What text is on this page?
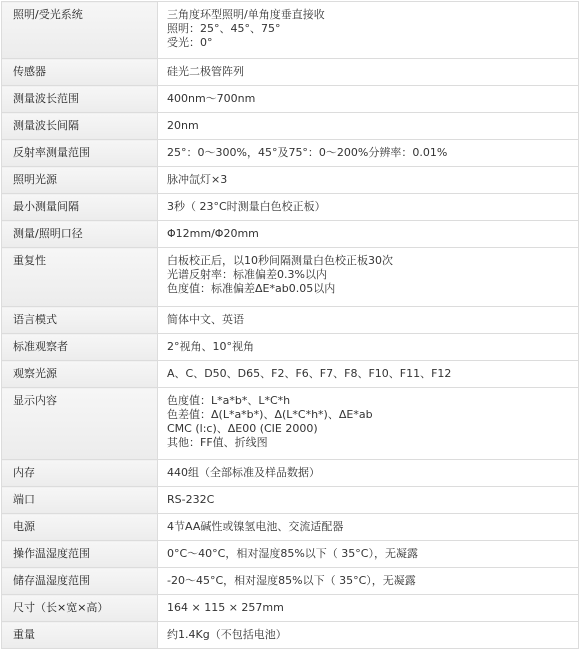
照明/受光系统	三角度环型照明/单角度垂直接收
照明：25°、45°、75°
受光：0°

传感器	硅光二极管阵列

测量波长范围	400nm～700nm

测量波长间隔	20nm

反射率测量范围	25°：0～300%，45°及75°：0～200%分辨率：0.01%

照明光源	脉冲氙灯×3

最小测量间隔	3秒（ 23°C时测量白色校正板）

测量/照明口径	Φ12mm/Φ20mm

重复性	白板校正后，以10秒间隔测量白色校正板30次
光谱反射率：标准偏差0.3%以内
色度值：标准偏差ΔE*ab0.05以内

语言模式	简体中文、英语

标准观察者	2°视角、10°视角

观察光源	A、C、D50、D65、F2、F6、F7、F8、F10、F11、F12

显示内容	色度值：L*a*b*、L*C*h
色差值：Δ(L*a*b*)、Δ(L*C*h*)、ΔE*ab
CMC (l:c)、ΔE00 (CIE 2000)
其他：FF值、折线图

内存	440组（全部标准及样品数据）

端口	RS-232C

电源	4节AA碱性或镍氢电池、交流适配器

操作温湿度范围	0°C～40°C，相对湿度85%以下（ 35°C），无凝露

储存温湿度范围	-20～45°C，相对湿度85%以下（ 35°C），无凝露

尺寸（长×宽×高）	164 × 115 × 257mm

重量	约1.4Kg（不包括电池）
